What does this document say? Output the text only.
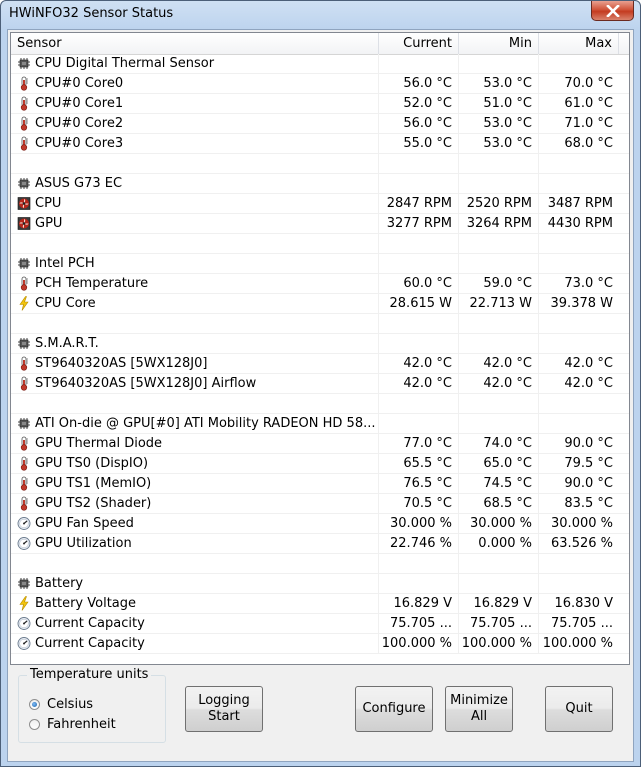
HWiNFO32 Sensor Status
Sensor	Current	Min	Max
CPU Digital Thermal Sensor
CPU#0 Core0	56.0 °C	53.0 °C	70.0 °C
CPU#0 Core1	52.0 °C	51.0 °C	61.0 °C
CPU#0 Core2	56.0 °C	53.0 °C	71.0 °C
CPU#0 Core3	55.0 °C	53.0 °C	68.0 °C
ASUS G73 EC
CPU	2847 RPM	2520 RPM	3487 RPM
GPU	3277 RPM	3264 RPM	4430 RPM
Intel PCH
PCH Temperature	60.0 °C	59.0 °C	73.0 °C
CPU Core	28.615 W	22.713 W	39.378 W
S.M.A.R.T.
ST9640320AS [5WX128J0]	42.0 °C	42.0 °C	42.0 °C
ST9640320AS [5WX128J0] Airflow	42.0 °C	42.0 °C	42.0 °C
ATI On-die @ GPU[#0] ATI Mobility RADEON HD 58...
GPU Thermal Diode	77.0 °C	74.0 °C	90.0 °C
GPU TS0 (DispIO)	65.5 °C	65.0 °C	79.5 °C
GPU TS1 (MemIO)	76.5 °C	74.5 °C	90.0 °C
GPU TS2 (Shader)	70.5 °C	68.5 °C	83.5 °C
GPU Fan Speed	30.000 %	30.000 %	30.000 %
GPU Utilization	22.746 %	0.000 %	63.526 %
Battery
Battery Voltage	16.829 V	16.829 V	16.830 V
Current Capacity	75.705 ...	75.705 ...	75.705 ...
Current Capacity	100.000 % 100.000 % 100.000 %
Temperature units
Celsius
Fahrenheit
Logging
Start
Configure
Minimize
All
Quit
